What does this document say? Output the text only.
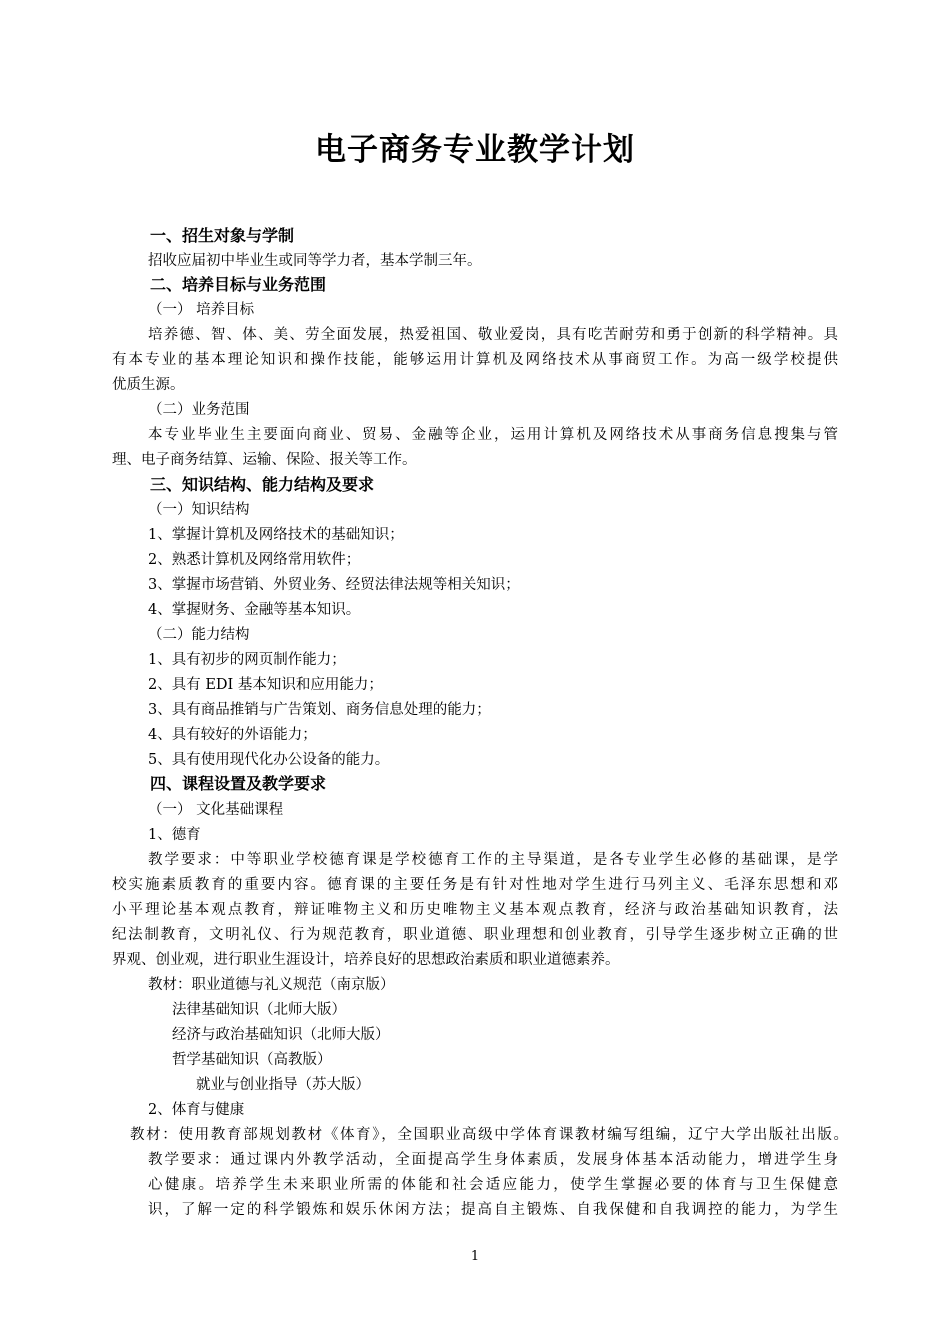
电子商务专业教学计划
一、招生对象与学制
招收应届初中毕业生或同等学力者，基本学制三年。
二、培养目标与业务范围
（一） 培养目标
培养德、智、体、美、劳全面发展，热爱祖国、敬业爱岗，具有吃苦耐劳和勇于创新的科学精神。具
有本专业的基本理论知识和操作技能，能够运用计算机及网络技术从事商贸工作。为高一级学校提供
优质生源。
（二）业务范围
本专业毕业生主要面向商业、贸易、金融等企业，运用计算机及网络技术从事商务信息搜集与管
理、电子商务结算、运输、保险、报关等工作。
三、知识结构、能力结构及要求
（一）知识结构
1、掌握计算机及网络技术的基础知识；
2、熟悉计算机及网络常用软件；
3、掌握市场营销、外贸业务、经贸法律法规等相关知识；
4、掌握财务、金融等基本知识。
（二）能力结构
1、具有初步的网页制作能力；
2、具有 EDI 基本知识和应用能力；
3、具有商品推销与广告策划、商务信息处理的能力；
4、具有较好的外语能力；
5、具有使用现代化办公设备的能力。
四、课程设置及教学要求
（一） 文化基础课程
1、德育
教学要求：中等职业学校德育课是学校德育工作的主导渠道，是各专业学生必修的基础课，是学
校实施素质教育的重要内容。德育课的主要任务是有针对性地对学生进行马列主义、毛泽东思想和邓
小平理论基本观点教育，辩证唯物主义和历史唯物主义基本观点教育，经济与政治基础知识教育，法
纪法制教育，文明礼仪、行为规范教育，职业道德、职业理想和创业教育，引导学生逐步树立正确的世
界观、创业观，进行职业生涯设计，培养良好的思想政治素质和职业道德素养。
教材：职业道德与礼义规范（南京版）
法律基础知识（北师大版）
经济与政治基础知识（北师大版）
哲学基础知识（高教版）
就业与创业指导（苏大版）
2、体育与健康
教材：使用教育部规划教材《体育》，全国职业高级中学体育课教材编写组编，辽宁大学出版社出版。
教学要求：通过课内外教学活动，全面提高学生身体素质，发展身体基本活动能力，增进学生身
心健康。培养学生未来职业所需的体能和社会适应能力，使学生掌握必要的体育与卫生保健意
识，了解一定的科学锻炼和娱乐休闲方法；提高自主锻炼、自我保健和自我调控的能力，为学生
1
